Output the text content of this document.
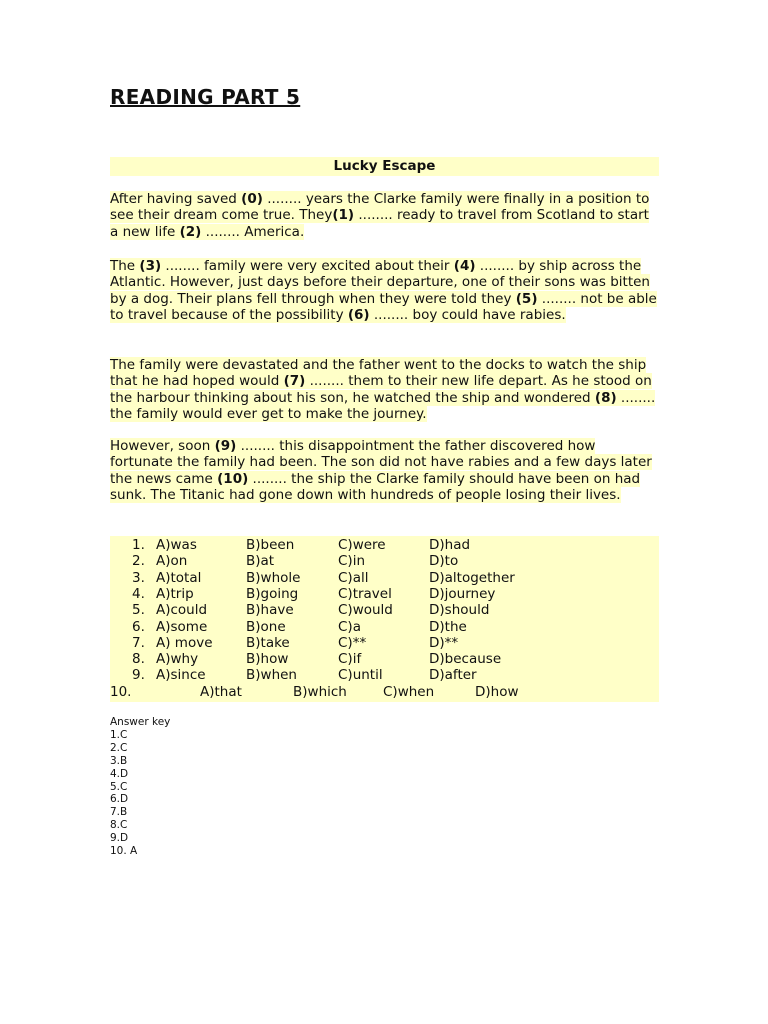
READING PART 5
Lucky Escape

After having saved (0) ........ years the Clarke family were finally in a position to see their dream come true. They(1) ........ ready to travel from Scotland to start a new life (2) ........ America.

The (3) ........ family were very excited about their (4) ........ by ship across the Atlantic. However, just days before their departure, one of their sons was bitten by a dog. Their plans fell through when they were told they (5) ........ not be able to travel because of the possibility (6) ........ boy could have rabies.

The family were devastated and the father went to the docks to watch the ship that he had hoped would (7) ........ them to their new life depart. As he stood on the harbour thinking about his son, he watched the ship and wondered (8) ........ the family would ever get to make the journey.

However, soon (9) ........ this disappointment the father discovered how fortunate the family had been. The son did not have rabies and a few days later the news came (10) ........ the ship the Clarke family should have been on had sunk. The Titanic had gone down with hundreds of people losing their lives.

1. A)was	B)been	C)were	D)had
2. A)on	B)at	C)in	D)to
3. A)total	B)whole	C)all	D)altogether
4. A)trip	B)going	C)travel	D)journey
5. A)could	B)have	C)would	D)should
6. A)some	B)one	C)a	D)the
7. A) move B)take	C)**	D)**
8. A)why	B)how	C)if	D)because
9. A)since	B)when	C)until	D)after
10.	A)that	B)which	C)when	D)how
Answer key
1.C
2.C
3.B
4.D
5.C
6.D
7.B
8.C
9.D
10. A
